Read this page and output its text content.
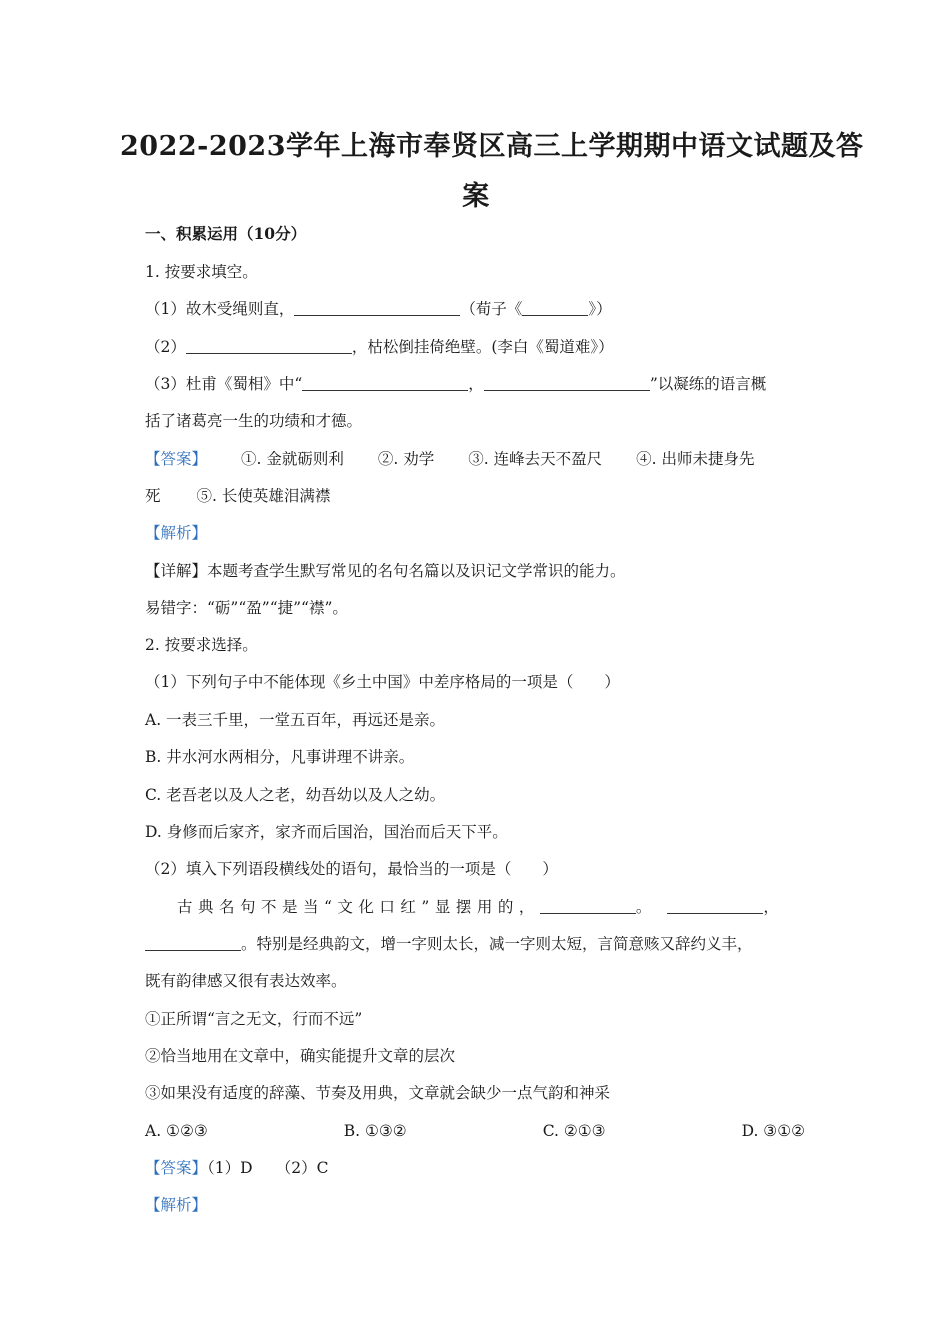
2022-2023学年上海市奉贤区高三上学期期中语文试题及答
案
一、积累运用（10分）
1. 按要求填空。
（1）故木受绳则直，	（荀子《	》）
（2）	，枯松倒挂倚绝壁。(李白《蜀道难》）
（3）杜甫《蜀相》中“	，	”以凝练的语言概
括了诸葛亮一生的功绩和才德。
【答案】 ①. 金就砺则利 ②. 劝学 ③. 连峰去天不盈尺 ④. 出师未捷身先
死 ⑤. 长使英雄泪满襟
【解析】
【详解】本题考查学生默写常见的名句名篇以及识记文学常识的能力。
易错字：“砺”“盈”“捷”“襟”。
2. 按要求选择。
（1）下列句子中不能体现《乡土中国》中差序格局的一项是（　　）
A. 一表三千里，一堂五百年，再远还是亲。
B. 井水河水两相分，凡事讲理不讲亲。
C. 老吾老以及人之老，幼吾幼以及人之幼。
D. 身修而后家齐，家齐而后国治，国治而后天下平。
（2）填入下列语段横线处的语句，最恰当的一项是（　　）
古典名句不是当“文化口红”显摆用的，	。	，
。特别是经典韵文，增一字则太长，减一字则太短，言简意赅又辞约义丰，
既有韵律感又很有表达效率。
①正所谓“言之无文，行而不远”
②恰当地用在文章中，确实能提升文章的层次
③如果没有适度的辞藻、节奏及用典，文章就会缺少一点气韵和神采
A. ①②③	B. ①③②	C. ②①③	D. ③①②
【答案】（1）D　　（2）C
【解析】
